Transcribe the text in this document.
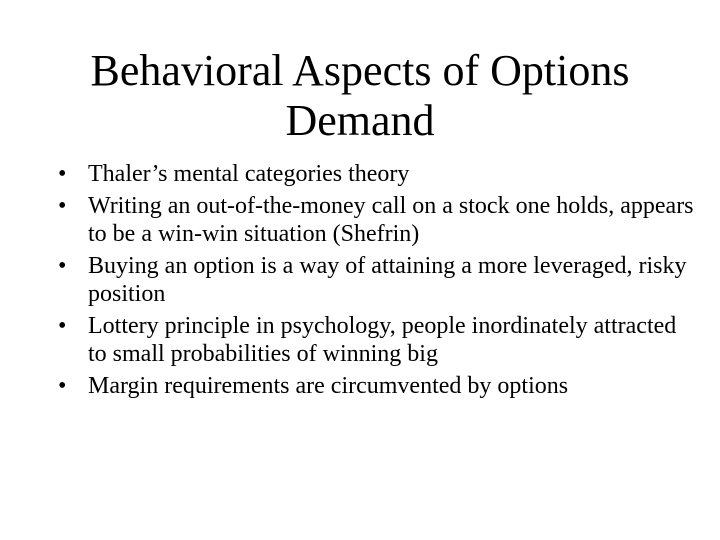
Behavioral Aspects of Options
Demand
• Thaler’s mental categories theory
• Writing an out-of-the-money call on a stock one holds, appears to be a win-win situation (Shefrin)
• Buying an option is a way of attaining a more leveraged, risky position
• Lottery principle in psychology, people inordinately attracted to small probabilities of winning big
• Margin requirements are circumvented by options
